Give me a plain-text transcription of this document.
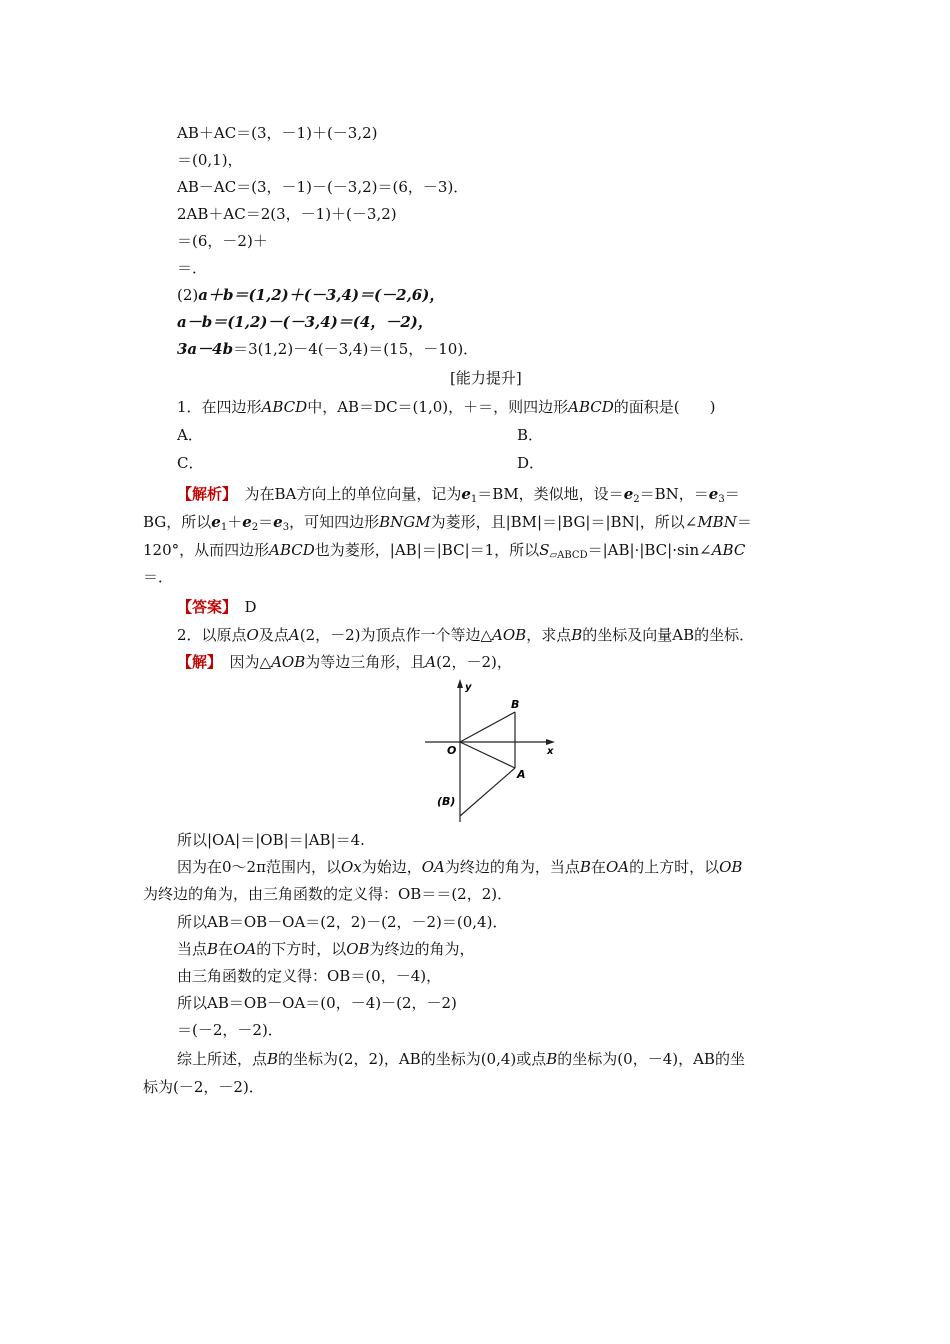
AB＋AC＝(3，－1)＋(－3,2)
＝(0,1)，
AB－AC＝(3，－1)－(－3,2)＝(6，－3)．
2AB＋AC＝2(3，－1)＋(－3,2)
＝(6，－2)＋
＝．
(2)a＋b＝(1,2)＋(－3,4)＝(－2,6)，
a－b＝(1,2)－(－3,4)＝(4，－2)，
3a－4b＝3(1,2)－4(－3,4)＝(15，－10)．
[能力提升]
1．在四边形ABCD中，AB＝DC＝(1,0)，＋＝，则四边形ABCD的面积是(　　)
A．	B．
C．	D．
【解析】　为在BA方向上的单位向量，记为$e_1=BM$，类似地，设$=e_2=BN$，$=e_3=$
BG，所以$e_1+e_2=e_3$，可知四边形BNGM为菱形，且|BM|＝|BG|＝|BN|，所以∠MBN＝
120°，从而四边形ABCD也为菱形，|AB|＝|BC|＝1，所以$S_{▱ABCD}=|AB|\cdot|BC|\cdot\sin\angle ABC$
＝．
【答案】　D
2．以原点O及点A(2，－2)为顶点作一个等边△AOB，求点B的坐标及向量AB的坐标．
【解】　因为△AOB为等边三角形，且A(2，－2)，
y
x
O
B
A
(B)
所以|OA|＝|OB|＝|AB|＝4.
因为在0～2π范围内，以Ox为始边，OA为终边的角为，当点B在OA的上方时，以OB
为终边的角为，由三角函数的定义得：OB＝＝(2，2)．
所以AB＝OB－OA＝(2，2)－(2，－2)＝(0,4)．
当点B在OA的下方时，以OB为终边的角为，
由三角函数的定义得：OB＝(0，－4)，
所以AB＝OB－OA＝(0，－4)－(2，－2)
＝(－2，－2)．
综上所述，点B的坐标为(2，2)，AB的坐标为(0,4)或点B的坐标为(0，－4)，AB的坐
标为(－2，－2)．
